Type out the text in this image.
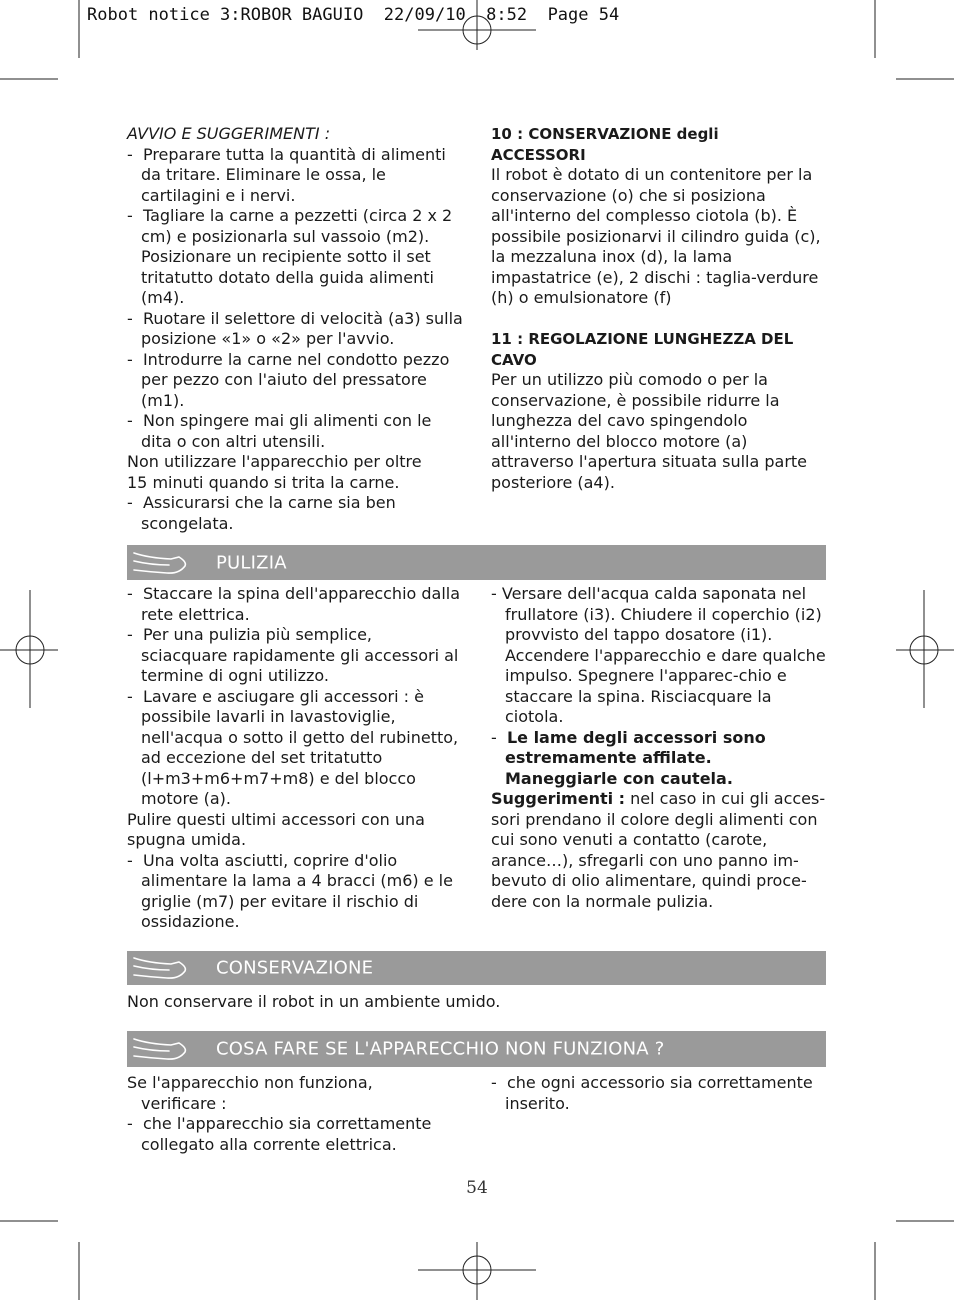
Robot notice 3:ROBOR BAGUIO  22/09/10  8:52  Page 54

AVVIO E SUGGERIMENTI :

- Preparare tutta la quantità di alimenti da tritare. Eliminare le ossa, le cartilagini e i nervi.

- Tagliare la carne a pezzetti (circa 2 x 2 cm) e posizionarla sul vassoio (m2). Posizionare un recipiente sotto il set tritatutto dotato della guida alimenti (m4).

- Ruotare il selettore di velocità (a3) sulla posizione «1» o «2» per l'avvio.

- Introdurre la carne nel condotto pezzo per pezzo con l'aiuto del pressatore (m1).

- Non spingere mai gli alimenti con le dita o con altri utensili.

Non utilizzare l'apparecchio per oltre 15 minuti quando si trita la carne.

- Assicurarsi che la carne sia ben scongelata.

10 : CONSERVAZIONE degli ACCESSORI

Il robot è dotato di un contenitore per la conservazione (o) che si posiziona all'interno del complesso ciotola (b). È possibile posizionarvi il cilindro guida (c), la mezzaluna inox (d), la lama impastatrice (e), 2 dischi : taglia-verdure (h) o emulsionatore (f)

11 : REGOLAZIONE LUNGHEZZA DEL CAVO

Per un utilizzo più comodo o per la conservazione, è possibile ridurre la lunghezza del cavo spingendolo all'interno del blocco motore (a) attraverso l'apertura situata sulla parte posteriore (a4).

PULIZIA

- Staccare la spina dell'apparecchio dalla rete elettrica.

- Per una pulizia più semplice, sciacquare rapidamente gli accessori al termine di ogni utilizzo.

- Lavare e asciugare gli accessori : è possibile lavarli in lavastoviglie, nell'acqua o sotto il getto del rubinetto, ad eccezione del set tritatutto (l+m3+m6+m7+m8) e del blocco motore (a).

Pulire questi ultimi accessori con una spugna umida.

- Una volta asciutti, coprire d'olio alimentare la lama a 4 bracci (m6) e le griglie (m7) per evitare il rischio di ossidazione.

- Versare dell'acqua calda saponata nel frullatore (i3). Chiudere il coperchio (i2) provvisto del tappo dosatore (i1). Accendere l'apparecchio e dare qualche impulso. Spegnere l'apparec-chio e staccare la spina. Risciacquare la ciotola.

- Le lame degli accessori sono estremamente affilate. Maneggiarle con cautela.

Suggerimenti : nel caso in cui gli acces-sori prendano il colore degli alimenti con cui sono venuti a contatto (carote, arance…), sfregarli con uno panno im-bevuto di olio alimentare, quindi proce-dere con la normale pulizia.

CONSERVAZIONE

Non conservare il robot in un ambiente umido.

COSA FARE SE L'APPARECCHIO NON FUNZIONA ?

Se l'apparecchio non funziona, verificare :

- che l'apparecchio sia correttamente collegato alla corrente elettrica.

- che ogni accessorio sia correttamente inserito.

54
